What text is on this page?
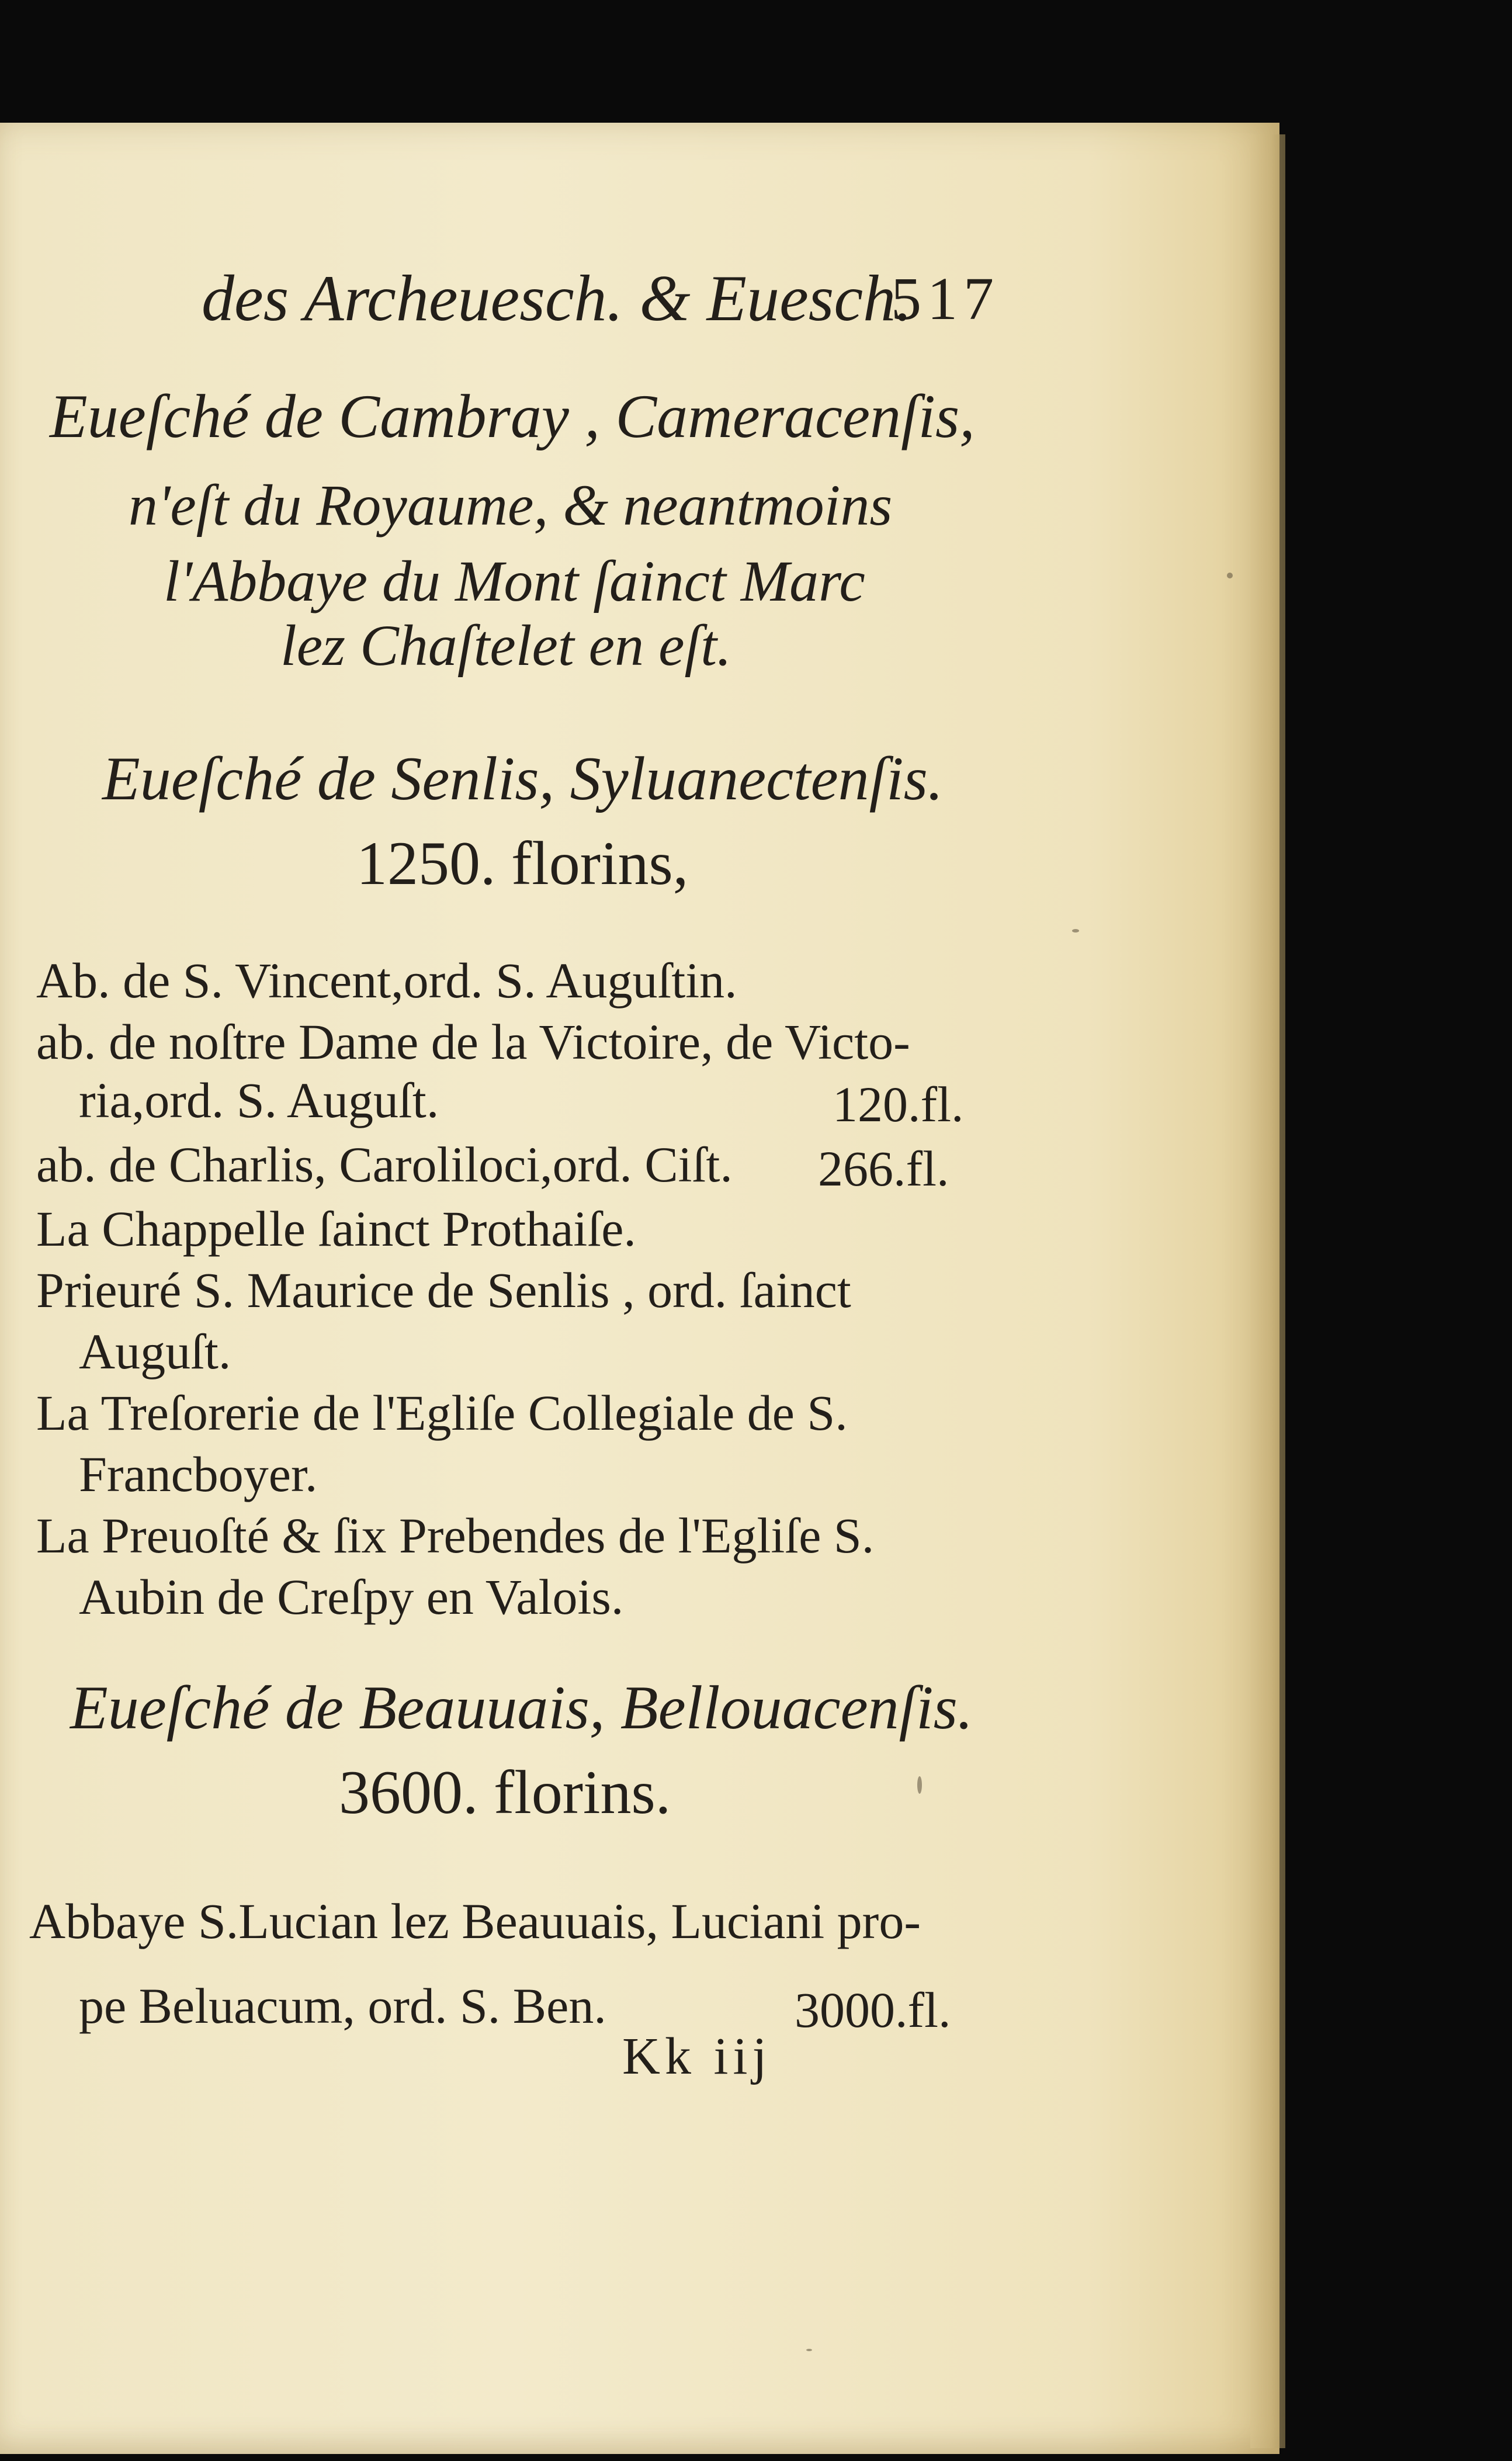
des Archeuesch. & Euesch.
517
Eueſché de Cambray , Cameracenſis,
n'eſt du Royaume, & neantmoins
l'Abbaye du Mont ſainct Marc
lez Chaſtelet en eſt.
Eueſché de Senlis, Syluanectenſis.
1250. florins,
Ab. de S. Vincent,ord. S. Auguſtin.
ab. de noſtre Dame de la Victoire, de Victo-
ria,ord. S. Auguſt.	120.fl.
ab. de Charlis, Caroliloci,ord. Ciſt. 266.fl.
La Chappelle ſainct Prothaiſe.
Prieuré S. Maurice de Senlis , ord. ſainct
Auguſt.
La Treſorerie de l'Egliſe Collegiale de S.
Francboyer.
La Preuoſté & ſix Prebendes de l'Egliſe S.
Aubin de Creſpy en Valois.
Eueſché de Beauuais, Bellouacenſis.
3600. florins.
Abbaye S.Lucian lez Beauuais, Luciani pro-
pe Beluacum, ord. S. Ben.	3000.fl.
Kk iij
